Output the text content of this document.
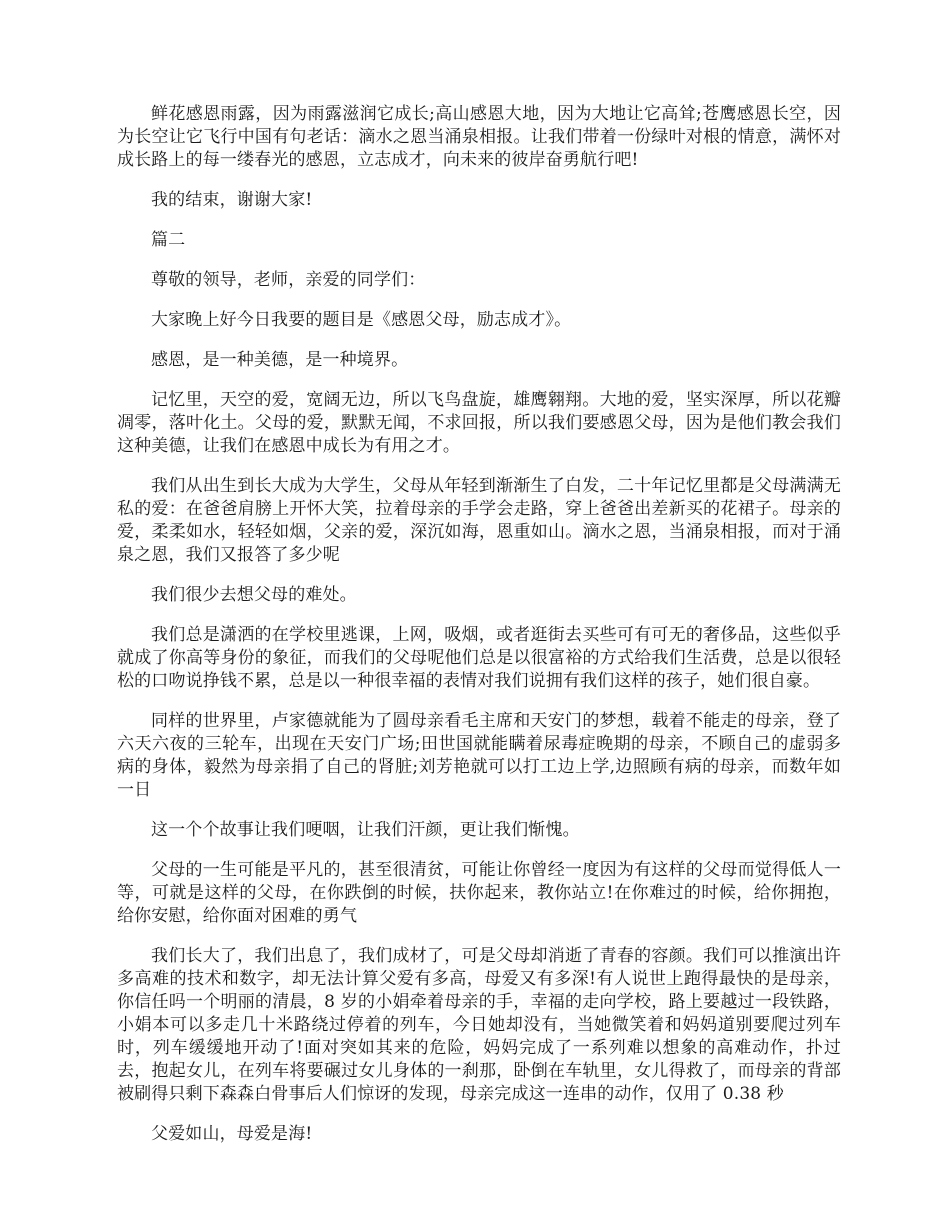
鲜花感恩雨露，因为雨露滋润它成长;高山感恩大地，因为大地让它高耸;苍鹰感恩长空，因为长空让它飞行中国有句老话：滴水之恩当涌泉相报。让我们带着一份绿叶对根的情意，满怀对成长路上的每一缕春光的感恩，立志成才，向未来的彼岸奋勇航行吧!

我的结束，谢谢大家!

篇二

尊敬的领导，老师，亲爱的同学们：

大家晚上好今日我要的题目是《感恩父母，励志成才》。

感恩，是一种美德，是一种境界。

记忆里，天空的爱，宽阔无边，所以飞鸟盘旋，雄鹰翱翔。大地的爱，坚实深厚，所以花瓣凋零，落叶化土。父母的爱，默默无闻，不求回报，所以我们要感恩父母，因为是他们教会我们这种美德，让我们在感恩中成长为有用之才。

我们从出生到长大成为大学生，父母从年轻到渐渐生了白发，二十年记忆里都是父母满满无私的爱：在爸爸肩膀上开怀大笑，拉着母亲的手学会走路，穿上爸爸出差新买的花裙子。母亲的爱，柔柔如水，轻轻如烟，父亲的爱，深沉如海，恩重如山。滴水之恩，当涌泉相报，而对于涌泉之恩，我们又报答了多少呢

我们很少去想父母的难处。

我们总是潇洒的在学校里逃课，上网，吸烟，或者逛街去买些可有可无的奢侈品，这些似乎就成了你高等身份的象征，而我们的父母呢他们总是以很富裕的方式给我们生活费，总是以很轻松的口吻说挣钱不累，总是以一种很幸福的表情对我们说拥有我们这样的孩子，她们很自豪。

同样的世界里，卢家德就能为了圆母亲看毛主席和天安门的梦想，载着不能走的母亲，登了六天六夜的三轮车，出现在天安门广场;田世国就能瞒着尿毒症晚期的母亲，不顾自己的虚弱多病的身体，毅然为母亲捐了自己的肾脏;刘芳艳就可以打工边上学,边照顾有病的母亲，而数年如一日

这一个个故事让我们哽咽，让我们汗颜，更让我们惭愧。

父母的一生可能是平凡的，甚至很清贫，可能让你曾经一度因为有这样的父母而觉得低人一等，可就是这样的父母，在你跌倒的时候，扶你起来，教你站立!在你难过的时候，给你拥抱，给你安慰，给你面对困难的勇气

我们长大了，我们出息了，我们成材了，可是父母却消逝了青春的容颜。我们可以推演出许多高难的技术和数字，却无法计算父爱有多高，母爱又有多深!有人说世上跑得最快的是母亲，你信任吗一个明丽的清晨，8 岁的小娟牵着母亲的手，幸福的走向学校，路上要越过一段铁路，小娟本可以多走几十米路绕过停着的列车，今日她却没有，当她微笑着和妈妈道别要爬过列车时，列车缓缓地开动了!面对突如其来的危险，妈妈完成了一系列难以想象的高难动作，扑过去，抱起女儿，在列车将要碾过女儿身体的一刹那，卧倒在车轨里，女儿得救了，而母亲的背部被刷得只剩下森森白骨事后人们惊讶的发现，母亲完成这一连串的动作，仅用了 0.38 秒

父爱如山，母爱是海!
